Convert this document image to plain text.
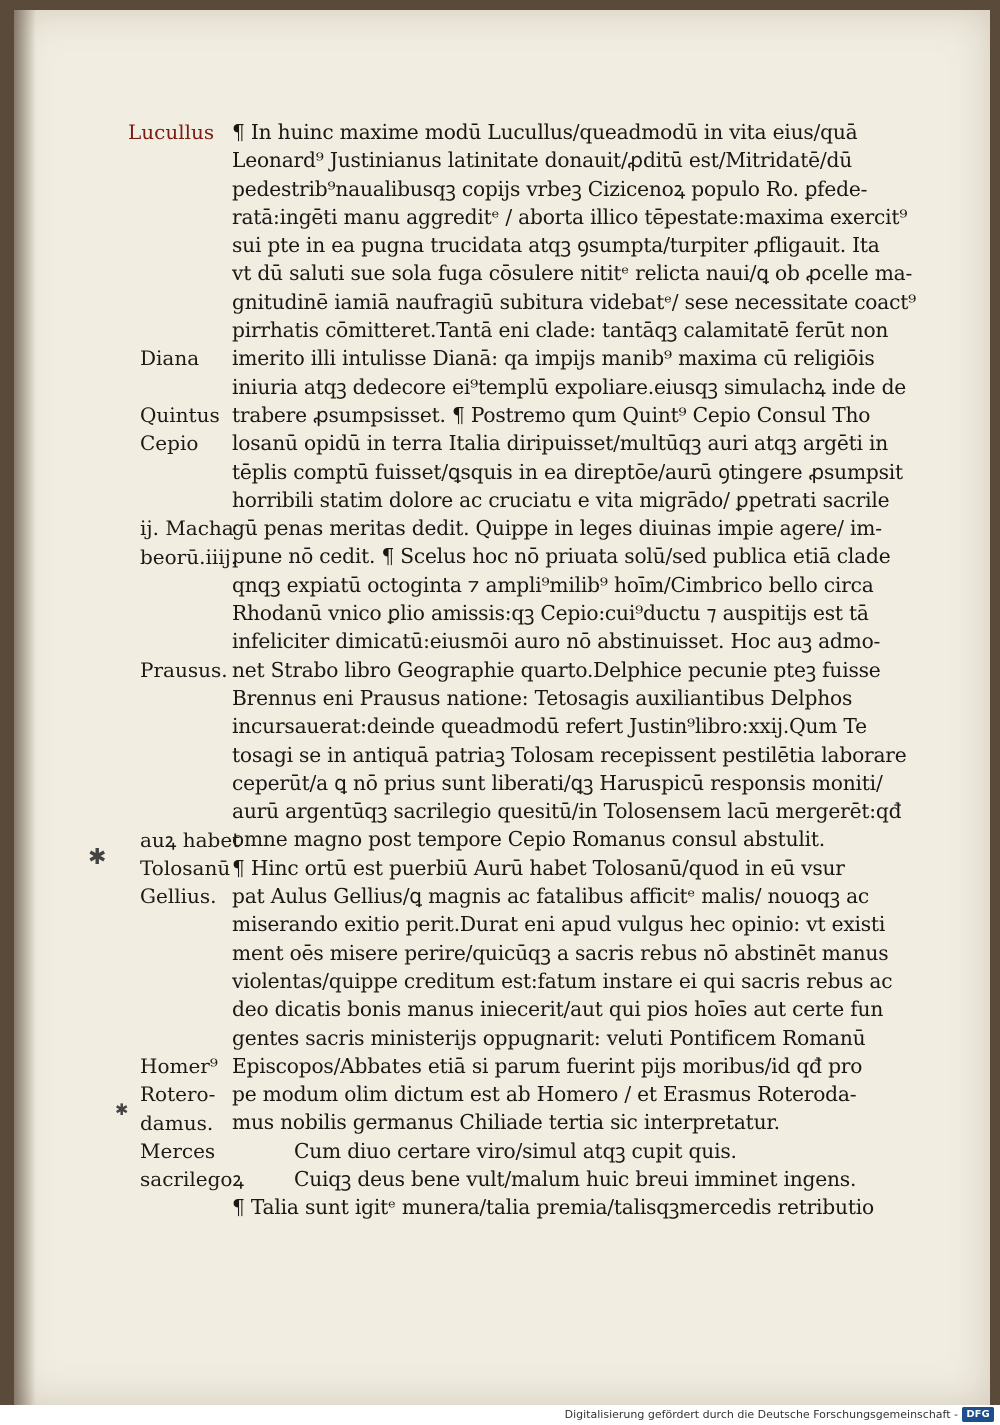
Lucullus
Diana
Quintus
Cepio
ij. Macha
beorū.iiij.
Prausus.
auꝝ habet
Tolosanū
Gellius.
Homer⁹
Rotero-
damus.
Merces
sacrilegoꝝ
¶ In huinc maxime modū Lucullus/queadmodū in vita eius/quā
Leonard⁹ Justinianus latinitate donauit/ꝓditū est/Mitridatē/dū
pedestrib⁹naualibusqꝫ copijs vrbeꝫ Cizicenoꝝ populo Ro. ꝑfede-
ratā:ingēti manu aggreditᵉ / aborta illico tēpestate:maxima exercit⁹
sui pte in ea pugna trucidata atqꝫ ꝯsumpta/turpiter ꝓfligauit. Ita
vt dū saluti sue sola fuga cōsulere nititᵉ relicta naui/ꝗ ob ꝓcelle ma-
gnitudinē iamiā naufragiū subitura videbatᵉ/ sese necessitate coact⁹
pirrhatis cōmitteret.Tantā eni clade: tantāqꝫ calamitatē ferūt non
imerito illi intulisse Dianā: qa impijs manib⁹ maxima cū religiōis
iniuria atqꝫ dedecore ei⁹templū expoliare.eiusqꝫ simulachꝝ inde de
trabere ꝓsumpsisset. ¶ Postremo qum Quint⁹ Cepio Consul Tho
losanū opidū in terra Italia diripuisset/multūqꝫ auri atqꝫ argēti in
tēplis comptū fuisset/ꝗsquis in ea direptōe/aurū ꝯtingere ꝓsumpsit
horribili statim dolore ac cruciatu e vita migrādo/ ꝑpetrati sacrile
gū penas meritas dedit. Quippe in leges diuinas impie agere/ im-
pune nō cedit. ¶ Scelus hoc nō priuata solū/sed publica etiā clade
qnqꝫ expiatū octoginta ⁊ ampli⁹milib⁹ hoīm/Cimbrico bello circa
Rhodanū vnico ꝑlio amissis:qꝫ Cepio:cui⁹ductu ⁊ auspitijs est tā
infeliciter dimicatū:eiusmōi auro nō abstinuisset. Hoc auꝫ admo-
net Strabo libro Geographie quarto.Delphice pecunie pteꝫ fuisse
Brennus eni Prausus natione: Tetosagis auxiliantibus Delphos
incursauerat:deinde queadmodū refert Justin⁹libro:xxij.Qum Te
tosagi se in antiquā patriaꝫ Tolosam recepissent pestilētia laborare
ceperūt/a ꝗ nō prius sunt liberati/ꝗꝫ Haruspicū responsis moniti/
aurū argentūqꝫ sacrilegio quesitū/in Tolosensem lacū mergerēt:qđ
omne magno post tempore Cepio Romanus consul abstulit.
¶ Hinc ortū est puerbiū Aurū habet Tolosanū/quod in eū vsur
pat Aulus Gellius/ꝗ magnis ac fatalibus afficitᵉ malis/ nouoqꝫ ac
miserando exitio perit.Durat eni apud vulgus hec opinio: vt existi
ment oēs misere perire/quicūqꝫ a sacris rebus nō abstinēt manus
violentas/quippe creditum est:fatum instare ei qui sacris rebus ac
deo dicatis bonis manus iniecerit/aut qui pios hoīes aut certe fun
gentes sacris ministerijs oppugnarit: veluti Pontificem Romanū
Episcopos/Abbates etiā si parum fuerint pijs moribus/id qđ pro
pe modum olim dictum est ab Homero / et Erasmus Roteroda-
mus nobilis germanus Chiliade tertia sic interpretatur.
Cum diuo certare viro/simul atqꝫ cupit quis.
Cuiqꝫ deus bene vult/malum huic breui imminet ingens.
¶ Talia sunt igitᵉ munera/talia premia/talisqꝫmercedis retributio
✱
✱
Digitalisierung gefördert durch die Deutsche Forschungsgemeinschaft - DFG
